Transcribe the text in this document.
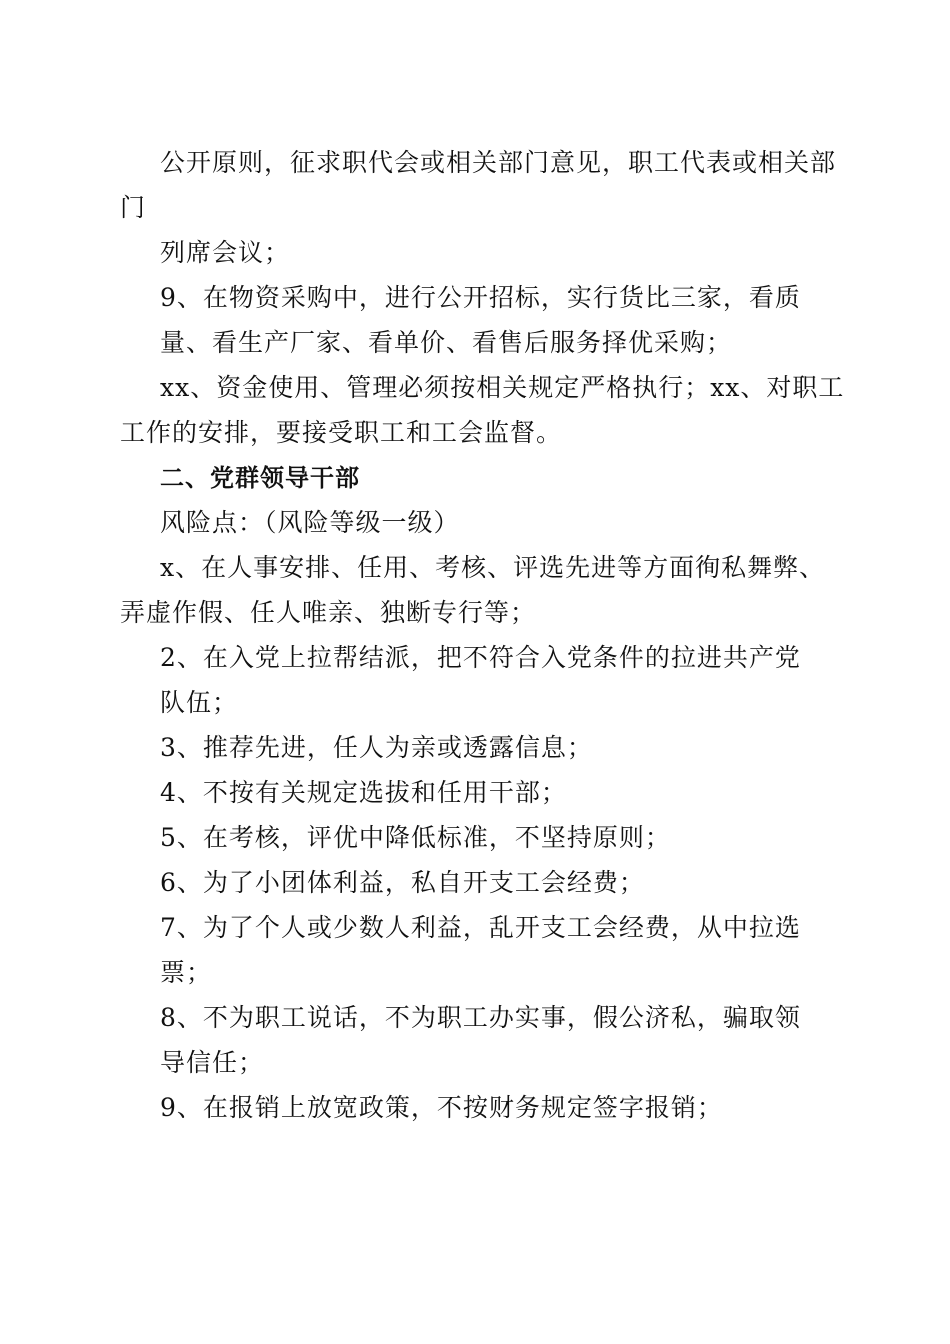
公开原则，征求职代会或相关部门意见，职工代表或相关部
门
列席会议；
9、在物资采购中，进行公开招标，实行货比三家，看质
量、看生产厂家、看单价、看售后服务择优采购；
xx、资金使用、管理必须按相关规定严格执行；xx、对职工
工作的安排，要接受职工和工会监督。
二、党群领导干部
风险点：（风险等级一级）
x、在人事安排、任用、考核、评选先进等方面徇私舞弊、
弄虚作假、任人唯亲、独断专行等；
2、在入党上拉帮结派，把不符合入党条件的拉进共产党
队伍；
3、推荐先进，任人为亲或透露信息；
4、不按有关规定选拔和任用干部；
5、在考核，评优中降低标准，不坚持原则；
6、为了小团体利益，私自开支工会经费；
7、为了个人或少数人利益，乱开支工会经费，从中拉选
票；
8、不为职工说话，不为职工办实事，假公济私，骗取领
导信任；
9、在报销上放宽政策，不按财务规定签字报销；
